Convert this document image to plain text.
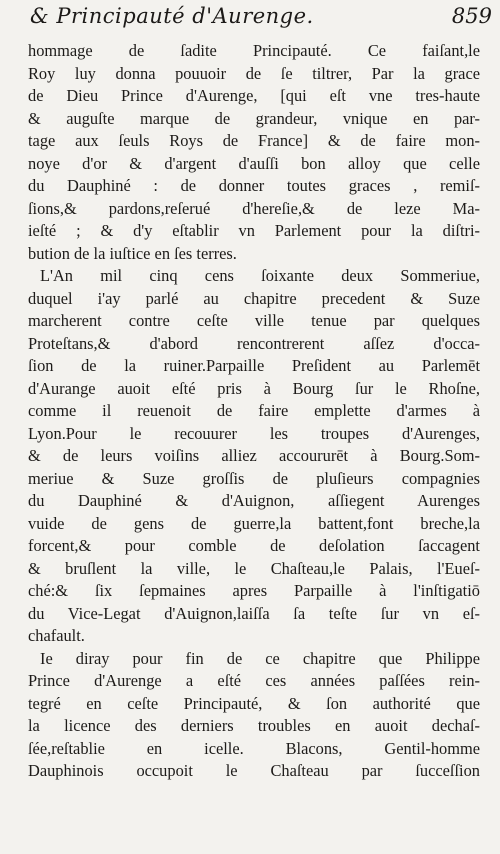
& Principauté d'Aurenge.	859
hommage de ſadite Principauté. Ce faiſant,le
Roy luy donna pouuoir de ſe tiltrer, Par la grace
de Dieu Prince d'Aurenge, [qui eſt vne tres-haute
& auguſte marque de grandeur, vnique en par-
tage aux ſeuls Roys de France] & de faire mon-
noye d'or & d'argent d'auſſi bon alloy que celle
du Dauphiné : de donner toutes graces , remiſ-
ſions,& pardons,reſerué d'hereſie,& de leze Ma-
ieſté ; & d'y eſtablir vn Parlement pour la diſtri-
bution de la iuſtice en ſes terres.
L'An mil cinq cens ſoixante deux Sommeriue,
duquel i'ay parlé au chapitre precedent & Suze
marcherent contre ceſte ville tenue par quelques
Proteſtans,& d'abord rencontrerent aſſez d'occa-
ſion de la ruiner.Parpaille Preſident au Parlemēt
d'Aurange auoit eſté pris à Bourg ſur le Rhoſne,
comme il reuenoit de faire emplette d'armes à
Lyon.Pour le recouurer les troupes d'Aurenges,
& de leurs voiſins alliez accoururēt à Bourg.Som-
meriue & Suze groſſis de pluſieurs compagnies
du Dauphiné & d'Auignon, aſſiegent Aurenges
vuide de gens de guerre,la battent,font breche,la
forcent,& pour comble de deſolation ſaccagent
& bruſlent la ville, le Chaſteau,le Palais, l'Eueſ-
ché:& ſix ſepmaines apres Parpaille à l'inſtigatiō
du Vice-Legat d'Auignon,laiſſa ſa teſte ſur vn eſ-
chafault.
Ie diray pour fin de ce chapitre que Philippe
Prince d'Aurenge a eſté ces années paſſées rein-
tegré en ceſte Principauté, & ſon authorité que
la licence des derniers troubles en auoit dechaſ-
ſée,reſtablie en icelle. Blacons, Gentil-homme
Dauphinois occupoit le Chaſteau par ſucceſſion
